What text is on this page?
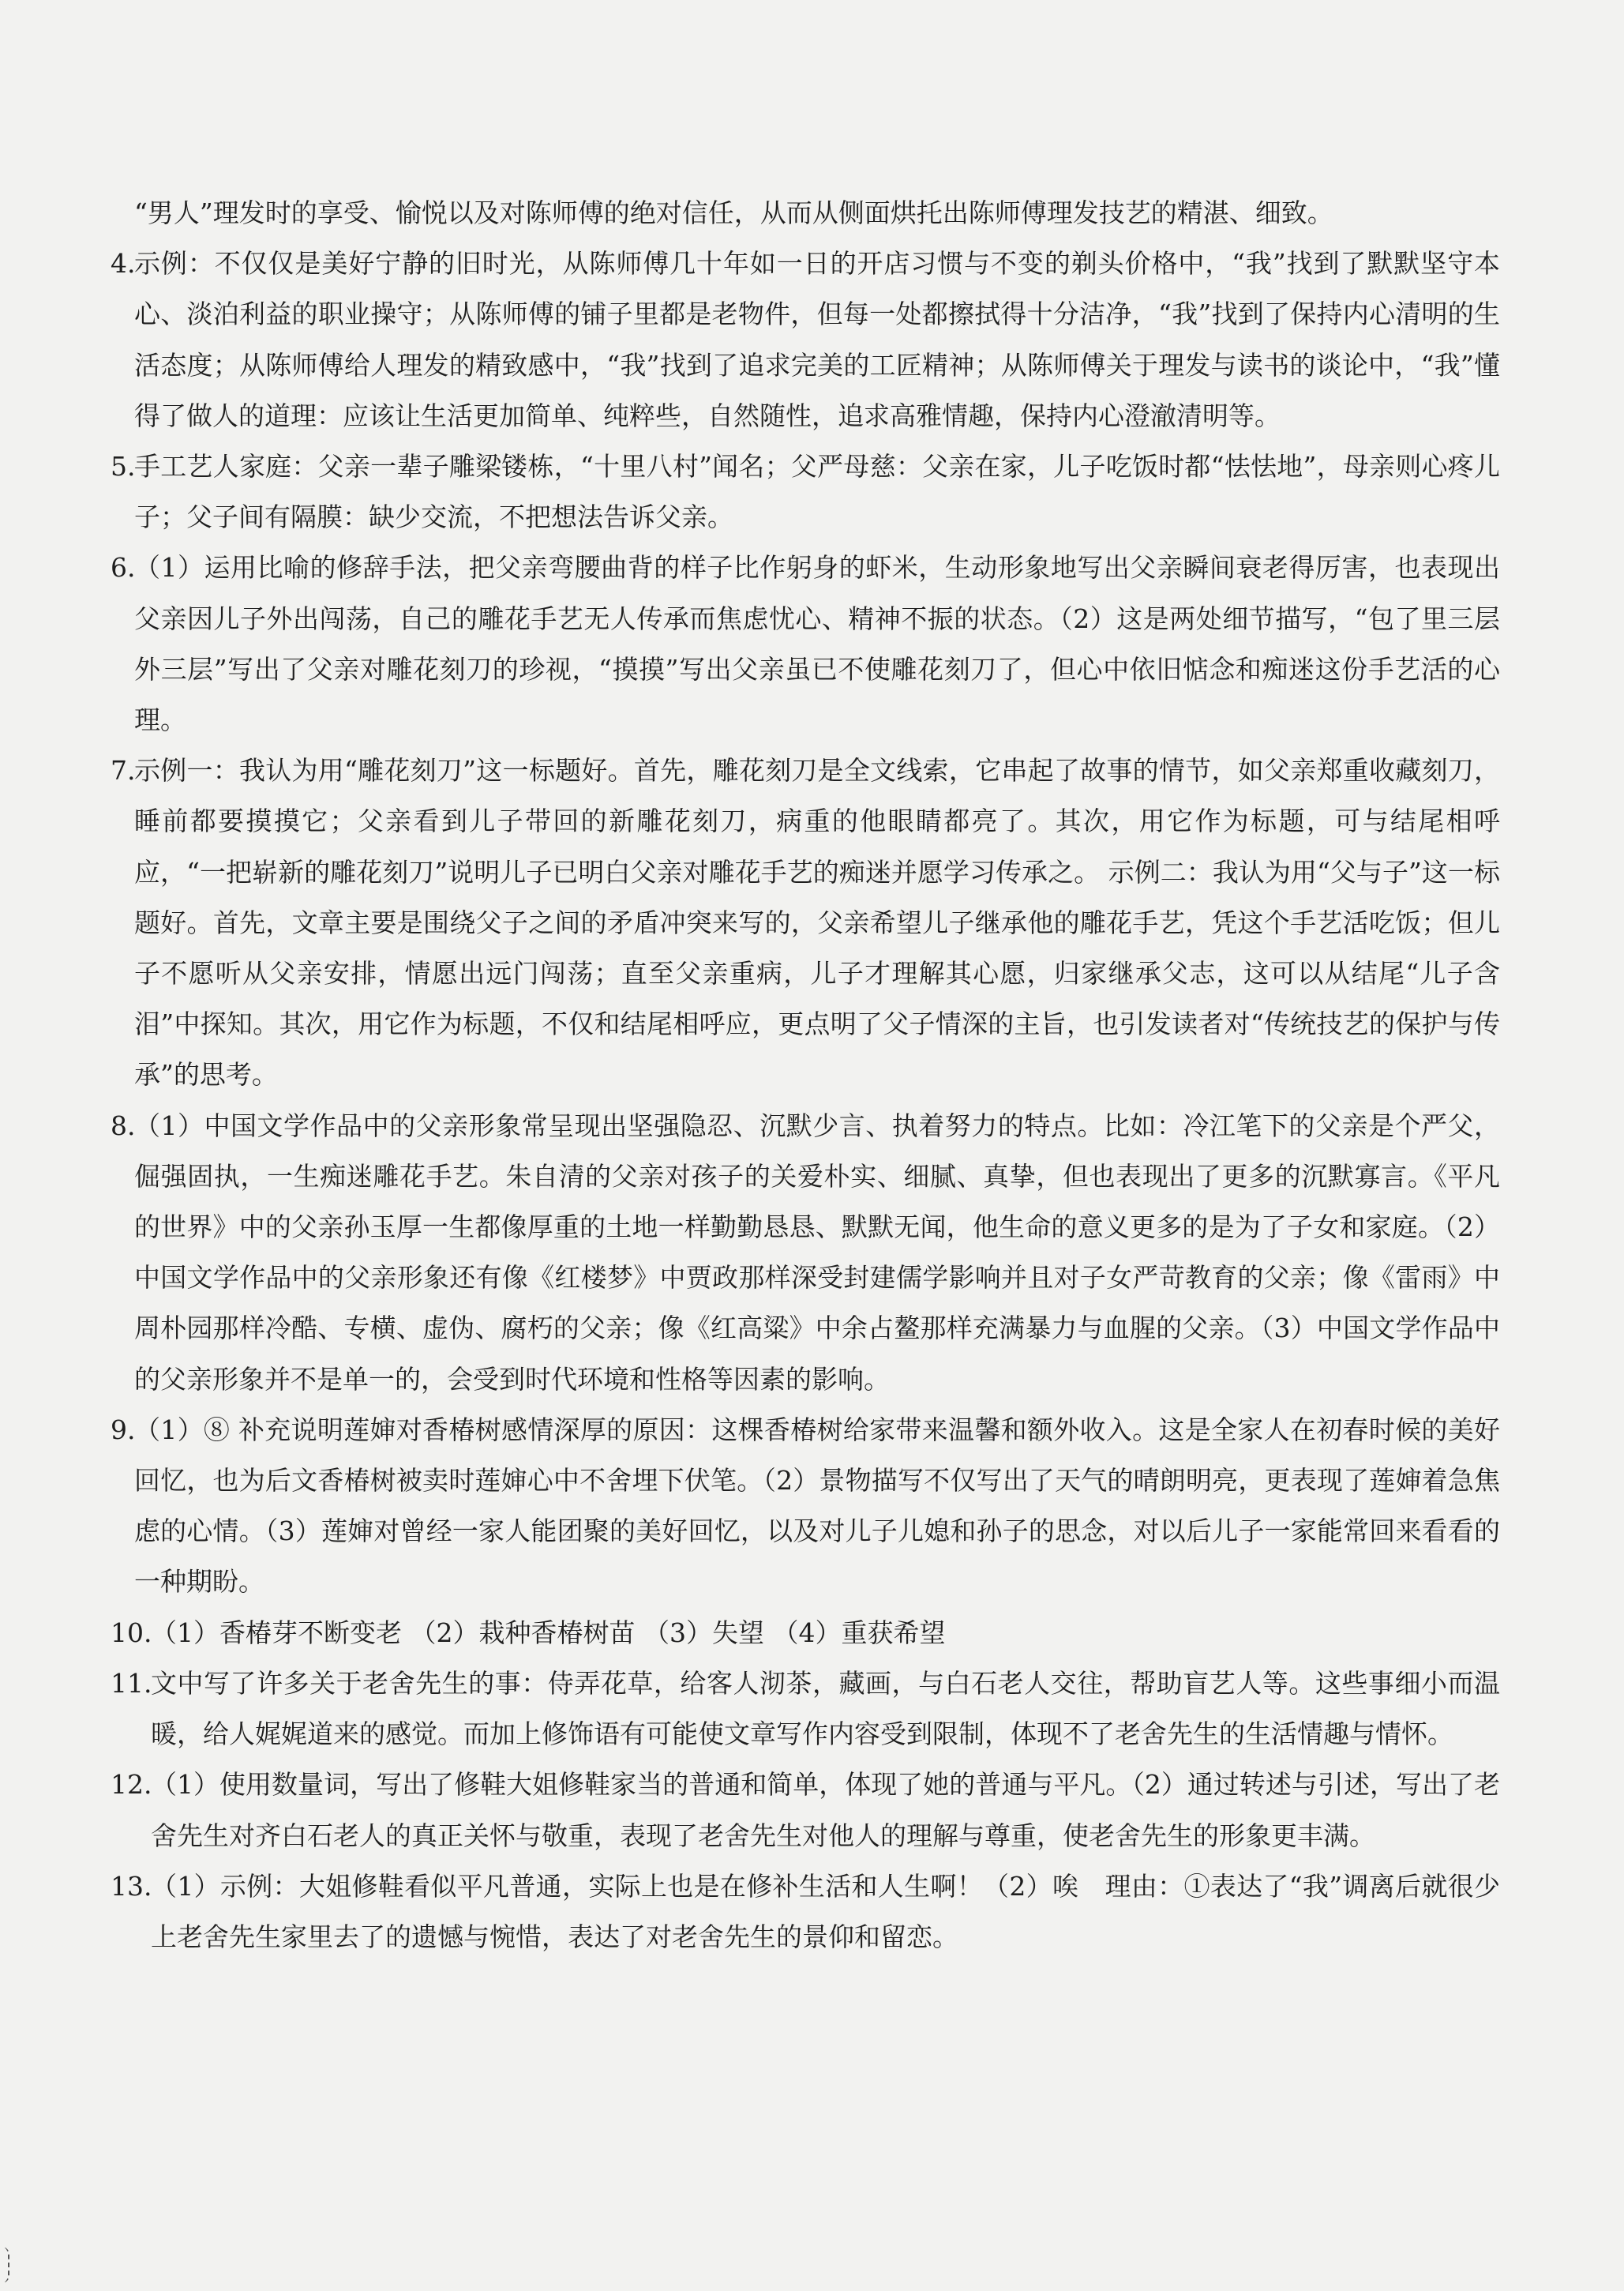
“男人”理发时的享受、愉悦以及对陈师傅的绝对信任，从而从侧面烘托出陈师傅理发技艺的精湛、细致。
4.
示例：不仅仅是美好宁静的旧时光，从陈师傅几十年如一日的开店习惯与不变的剃头价格中，“我”找到了默默坚守本心、淡泊利益的职业操守；从陈师傅的铺子里都是老物件，但每一处都擦拭得十分洁净，“我”找到了保持内心清明的生活态度；从陈师傅给人理发的精致感中，“我”找到了追求完美的工匠精神；从陈师傅关于理发与读书的谈论中，“我”懂得了做人的道理：应该让生活更加简单、纯粹些，自然随性，追求高雅情趣，保持内心澄澈清明等。
5.
手工艺人家庭：父亲一辈子雕梁镂栋，“十里八村”闻名；父严母慈：父亲在家，儿子吃饭时都“怯怯地”，母亲则心疼儿子；父子间有隔膜：缺少交流，不把想法告诉父亲。
6.
（1）运用比喻的修辞手法，把父亲弯腰曲背的样子比作躬身的虾米，生动形象地写出父亲瞬间衰老得厉害，也表现出父亲因儿子外出闯荡，自己的雕花手艺无人传承而焦虑忧心、精神不振的状态。（2）这是两处细节描写，“包了里三层外三层”写出了父亲对雕花刻刀的珍视，“摸摸”写出父亲虽已不使雕花刻刀了，但心中依旧惦念和痴迷这份手艺活的心理。
7.
示例一：我认为用“雕花刻刀”这一标题好。首先，雕花刻刀是全文线索，它串起了故事的情节，如父亲郑重收藏刻刀，睡前都要摸摸它；父亲看到儿子带回的新雕花刻刀，病重的他眼睛都亮了。其次，用它作为标题，可与结尾相呼应，“一把崭新的雕花刻刀”说明儿子已明白父亲对雕花手艺的痴迷并愿学习传承之。 示例二：我认为用“父与子”这一标题好。首先，文章主要是围绕父子之间的矛盾冲突来写的，父亲希望儿子继承他的雕花手艺，凭这个手艺活吃饭；但儿子不愿听从父亲安排，情愿出远门闯荡；直至父亲重病，儿子才理解其心愿，归家继承父志，这可以从结尾“儿子含泪”中探知。其次，用它作为标题，不仅和结尾相呼应，更点明了父子情深的主旨，也引发读者对“传统技艺的保护与传承”的思考。
8.
（1）中国文学作品中的父亲形象常呈现出坚强隐忍、沉默少言、执着努力的特点。比如：冷江笔下的父亲是个严父，倔强固执，一生痴迷雕花手艺。朱自清的父亲对孩子的关爱朴实、细腻、真挚，但也表现出了更多的沉默寡言。《平凡的世界》中的父亲孙玉厚一生都像厚重的土地一样勤勤恳恳、默默无闻，他生命的意义更多的是为了子女和家庭。（2）中国文学作品中的父亲形象还有像《红楼梦》中贾政那样深受封建儒学影响并且对子女严苛教育的父亲；像《雷雨》中周朴园那样冷酷、专横、虚伪、腐朽的父亲；像《红高粱》中余占鳌那样充满暴力与血腥的父亲。（3）中国文学作品中的父亲形象并不是单一的，会受到时代环境和性格等因素的影响。
9.
（1）⑧ 补充说明莲婶对香椿树感情深厚的原因：这棵香椿树给家带来温馨和额外收入。这是全家人在初春时候的美好回忆，也为后文香椿树被卖时莲婶心中不舍埋下伏笔。（2）景物描写不仅写出了天气的晴朗明亮，更表现了莲婶着急焦虑的心情。（3）莲婶对曾经一家人能团聚的美好回忆，以及对儿子儿媳和孙子的思念，对以后儿子一家能常回来看看的一种期盼。
10.
（1）香椿芽不断变老 （2）栽种香椿树苗 （3）失望 （4）重获希望
11.
文中写了许多关于老舍先生的事：侍弄花草，给客人沏茶，藏画，与白石老人交往，帮助盲艺人等。这些事细小而温暖，给人娓娓道来的感觉。而加上修饰语有可能使文章写作内容受到限制，体现不了老舍先生的生活情趣与情怀。
12.
（1）使用数量词，写出了修鞋大姐修鞋家当的普通和简单，体现了她的普通与平凡。（2）通过转述与引述，写出了老舍先生对齐白石老人的真正关怀与敬重，表现了老舍先生对他人的理解与尊重，使老舍先生的形象更丰满。
13.
（1）示例：大姐修鞋看似平凡普通，实际上也是在修补生活和人生啊！（2）唉　理由：①表达了“我”调离后就很少上老舍先生家里去了的遗憾与惋惜，表达了对老舍先生的景仰和留恋。
